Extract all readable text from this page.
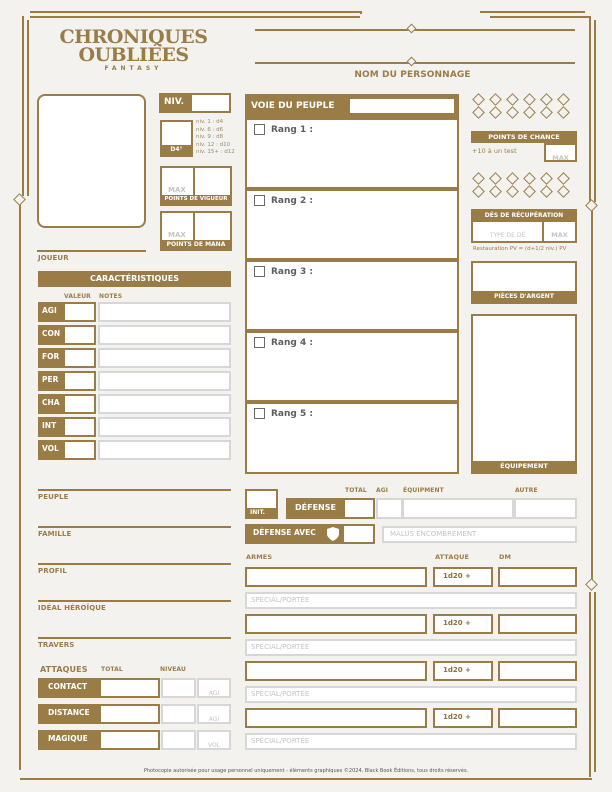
CHRONIQUES
OUBLIÉES
FANTASY
NOM DU PERSONNAGE
JOUEUR
NIV.
D4°
niv. 1 : d4
niv. 6 : d6
niv. 9 : d8
niv. 12 : d10
niv. 15+ : d12
MAX
POINTS DE VIGUEUR
MAX
POINTS DE MANA
CARACTÉRISTIQUES
VALEUR NOTES
AGI
CON
FOR
PER
CHA
INT
VOL
PEUPLE
FAMILLE
PROFIL
IDÉAL HÉROÏQUE
TRAVERS
ATTAQUES TOTAL	NIVEAU
CONTACT
AGI
DISTANCE
AGI
MAGIQUE
VOL
VOIE DU PEUPLE
Rang 1 :
Rang 2 :
Rang 3 :
Rang 4 :
Rang 5 :
POINTS DE CHANCE
+10 à un test
MAX
DÉS DE RÉCUPÉRATION
TYPE DE DÉ	MAX
Restauration PV = (d+1/2 niv.) PV
PIÈCES D'ARGENT
ÉQUIPEMENT
TOTAL AGI ÉQUIPMENT	AUTRE
INIT.
DÉFENSE
DÉFENSE AVEC	MALUS ENCOMBREMENT
ARMES	ATTAQUE	DM
1d20 +
SPÉCIAL/PORTÉE
1d20 +
SPÉCIAL/PORTÉE
1d20 +
SPÉCIAL/PORTÉE
1d20 +
SPÉCIAL/PORTÉE
Photocopie autorisée pour usage personnel uniquement - éléments graphiques ©2024, Black Book Éditions, tous droits réservés.
